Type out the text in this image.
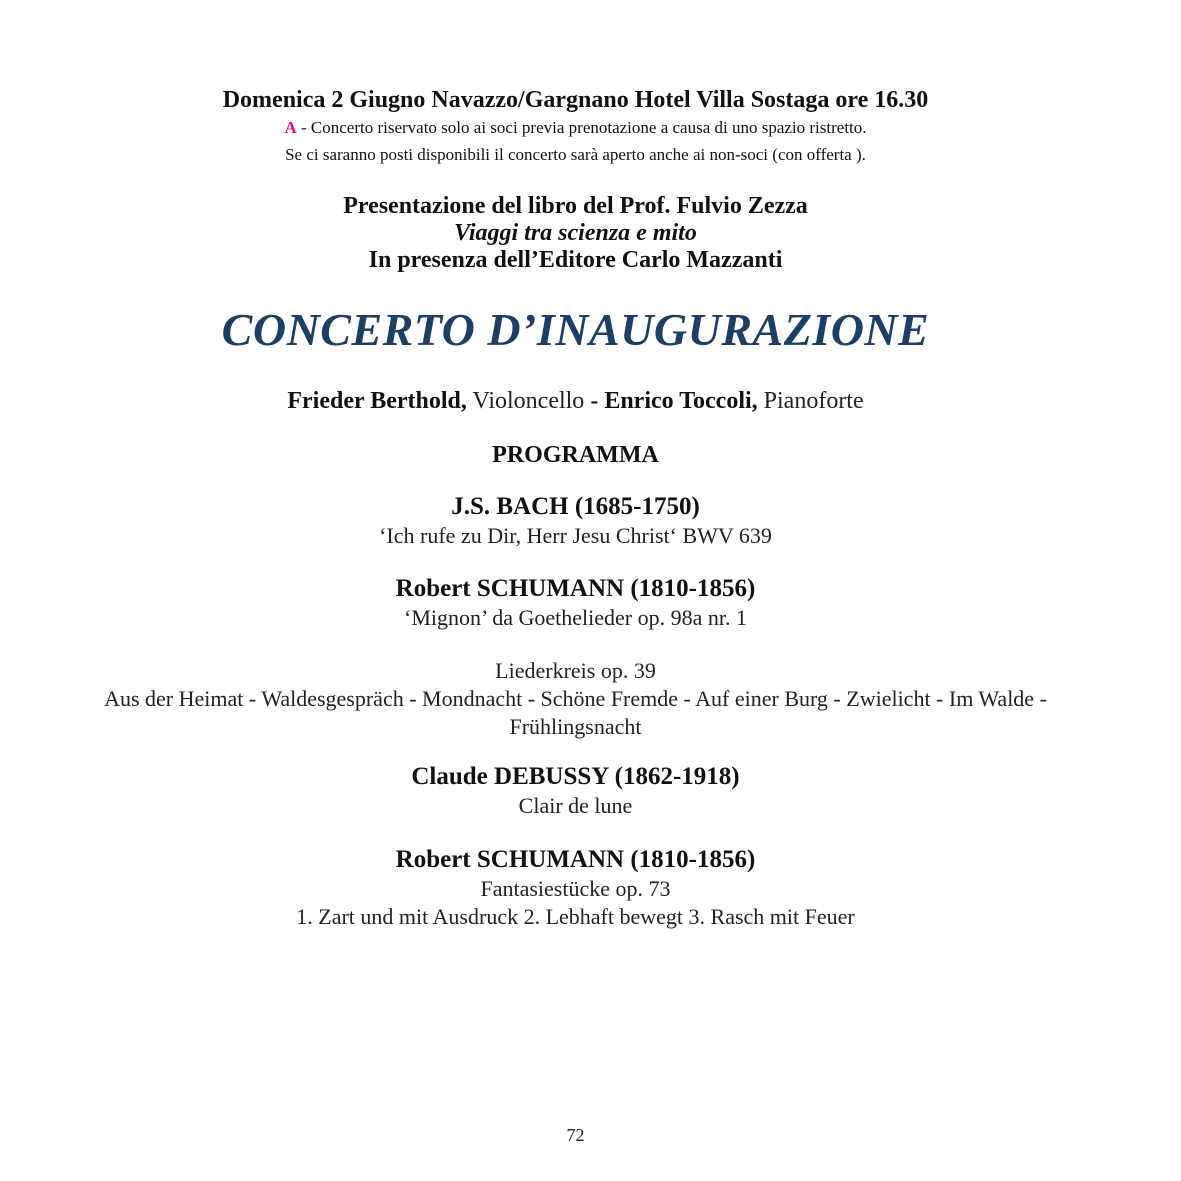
Domenica 2 Giugno Navazzo/Gargnano Hotel Villa Sostaga ore 16.30
A - Concerto riservato solo ai soci previa prenotazione a causa di uno spazio ristretto.
Se ci saranno posti disponibili il concerto sarà aperto anche ai non-soci (con offerta ).
Presentazione del libro del Prof. Fulvio Zezza
Viaggi tra scienza e mito
In presenza dell’Editore Carlo Mazzanti
CONCERTO D’INAUGURAZIONE
Frieder Berthold, Violoncello - Enrico Toccoli, Pianoforte
PROGRAMMA
J.S. BACH (1685-1750)
‘Ich rufe zu Dir, Herr Jesu Christ‘ BWV 639
Robert SCHUMANN (1810-1856)
‘Mignon’ da Goethelieder op. 98a nr. 1
Liederkreis op. 39
Aus der Heimat - Waldesgespräch - Mondnacht - Schöne Fremde - Auf einer Burg - Zwielicht - Im Walde -
Frühlingsnacht
Claude DEBUSSY (1862-1918)
Clair de lune
Robert SCHUMANN (1810-1856)
Fantasiestücke op. 73
1. Zart und mit Ausdruck 2. Lebhaft bewegt 3. Rasch mit Feuer
72
